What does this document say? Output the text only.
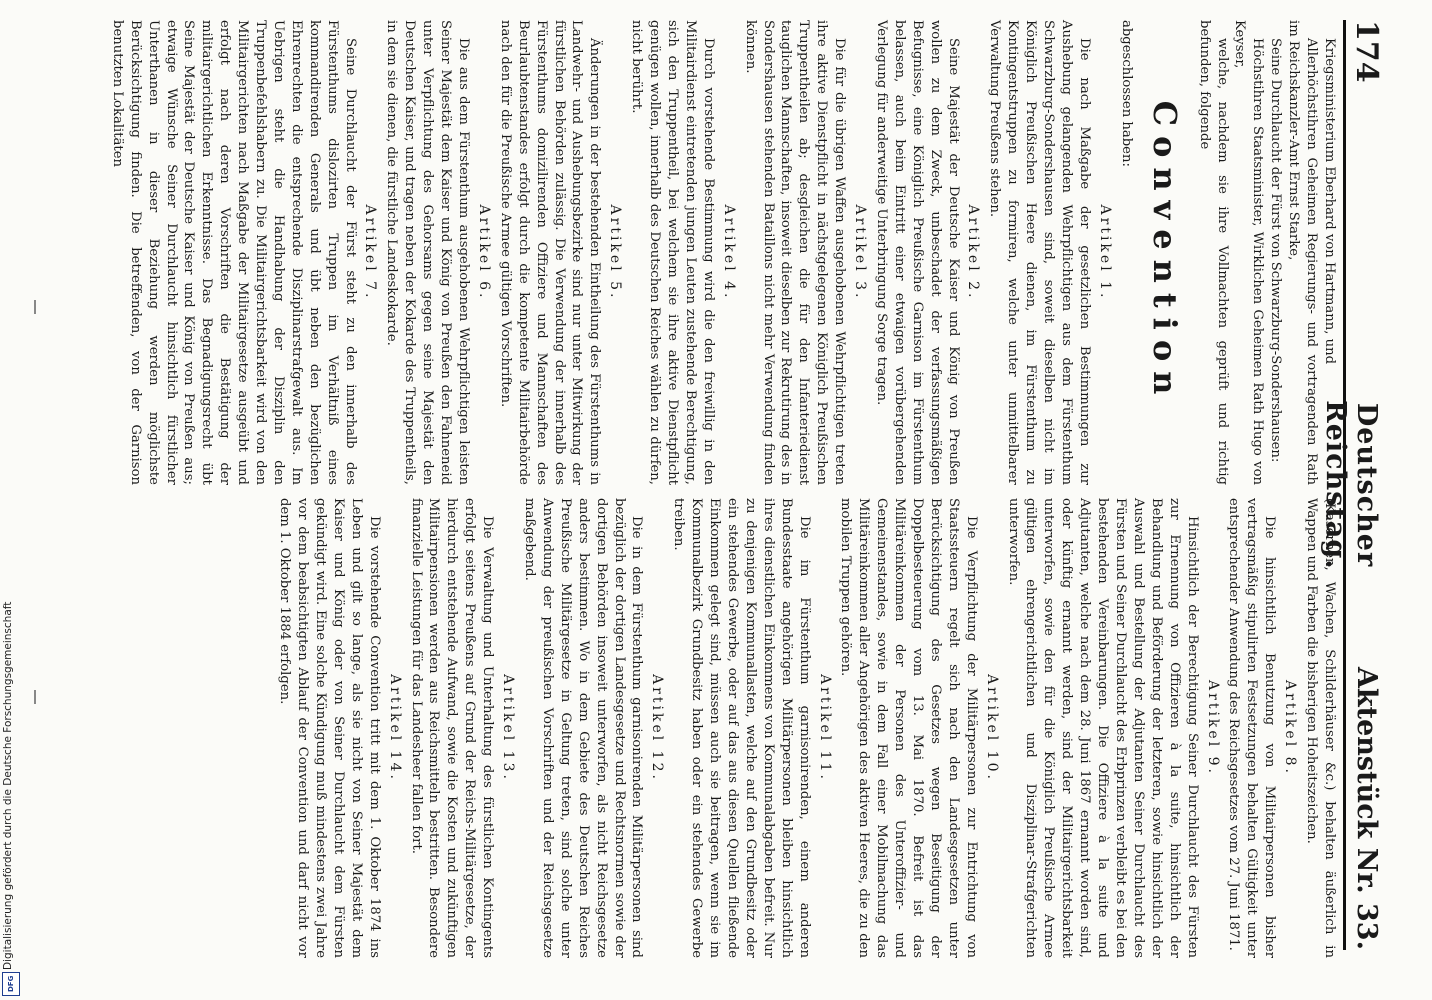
174
Deutscher Reichstag.
Aktenstück Nr. 33.

Kriegsministerium Eberhard von Hartmann, und

Allerhöchstihren Geheimen Regierungs- und vortragenden Rath im Reichskanzler-Amt Ernst Starke,

Seine Durchlaucht der Fürst von Schwarzburg-Sondershausen:

Höchstihren Staatsminister, Wirklichen Geheimen Rath Hugo von Keyser,

welche, nachdem sie ihre Vollmachten geprüft und richtig befunden, folgende

Convention

abgeschlossen haben:

Artikel 1.

Die nach Maßgabe der gesetzlichen Bestimmungen zur Aushebung gelangenden Wehrpflichtigen aus dem Fürstenthum Schwarzburg-Sondershausen sind, soweit dieselben nicht im Königlich Preußischen Heere dienen, im Fürstenthum zu Kontingentstruppen zu formiren, welche unter unmittelbarer Verwaltung Preußens stehen.

Artikel 2.

Seine Majestät der Deutsche Kaiser und König von Preußen wollen zu dem Zweck, unbeschadet der verfassungsmäßigen Befugnisse, eine Königlich Preußische Garnison im Fürstenthum belassen, auch beim Eintritt einer etwaigen vorübergehenden Verlegung für anderweitige Unterbringung Sorge tragen.

Artikel 3.

Die für die übrigen Waffen ausgehobenen Wehrpflichtigen treten ihre aktive Dienstpflicht in nächstgelegenen Königlich Preußischen Truppentheilen ab; desgleichen die für den Infanteriedienst tauglichen Mannschaften, insoweit dieselben zur Rekrutirung des in Sondershausen stehenden Bataillons nicht mehr Verwendung finden können.

Artikel 4.

Durch vorstehende Bestimmung wird die den freiwillig in den Militairdienst eintretenden jungen Leuten zustehende Berechtigung, sich den Truppentheil, bei welchem sie ihre aktive Dienstpflicht genügen wollen, innerhalb des Deutschen Reiches wählen zu dürfen, nicht berührt.

Artikel 5.

Änderungen in der bestehenden Eintheilung des Fürstenthums in Landwehr- und Aushebungsbezirke sind nur unter Mitwirkung der fürstlichen Behörden zulässig. Die Verwendung der innerhalb des Fürstenthums domizilirenden Offiziere und Mannschaften des Beurlaubtenstandes erfolgt durch die kompetente Militairbehörde nach den für die Preußische Armee gültigen Vorschriften.

Artikel 6.

Die aus dem Fürstenthum ausgehobenen Wehrpflichtigen leisten Seiner Majestät dem Kaiser und König von Preußen den Fahneneid unter Verpflichtung des Gehorsams gegen seine Majestät den Deutschen Kaiser, und tragen neben der Kokarde des Truppentheils, in dem sie dienen, die fürstliche Landeskokarde.

Artikel 7.

Seine Durchlaucht der Fürst steht zu den innerhalb des Fürstenthums dislozirten Truppen im Verhältniß eines kommandirenden Generals und übt neben den bezüglichen Ehrenrechten die entsprechende Disziplinarstrafgewalt aus. Im Uebrigen steht die Handhabung der Disziplin den Truppenbefehlshabern zu. Die Militairgerichtsbarkeit wird von den Militairgerichten nach Maßgabe der Militairgesetze ausgeübt und erfolgt nach deren Vorschriften die Bestätigung der militairgerichtlichen Erkenntnisse. Das Begnadigungsrecht übt Seine Majestät der Deutsche Kaiser und König von Preußen aus; etwaige Wünsche Seiner Durchlaucht hinsichtlich fürstlicher Unterthanen in dieser Beziehung werden möglichste Berücksichtigung finden. Die betreffenden, von der Garnison benutzten Lokalitäten

(Kasernen, Wachen, Schilderhäuser &c.) behalten äußerlich in Wappen und Farben die bisherigen Hoheitszeichen.

Artikel 8.

Die hinsichtlich Benutzung von Militairpersonen bisher vertragsmäßig stipulirten Festsetzungen behalten Gültigkeit unter entsprechender Anwendung des Reichsgesetzes vom 27. Juni 1871.

Artikel 9.

Hinsichtlich der Berechtigung Seiner Durchlaucht des Fürsten zur Ernennung von Offizieren à la suite, hinsichtlich der Behandlung und Beförderung der letzteren, sowie hinsichtlich der Auswahl und Bestellung der Adjutanten Seiner Durchlaucht des Fürsten und Seiner Durchlaucht des Erbprinzen verbleibt es bei den bestehenden Vereinbarungen. Die Offiziere à la suite und Adjutanten, welche nach dem 28. Juni 1867 ernannt worden sind, oder künftig ernannt werden, sind der Militairgerichtsbarkeit unterworfen, sowie den für die Königlich Preußische Armee gültigen ehrengerichtlichen und Disziplinar-Strafgerichten unterworfen.

Artikel 10.

Die Verpflichtung der Militärpersonen zur Entrichtung von Staatssteuern regelt sich nach den Landesgesetzen unter Berücksichtigung des Gesetzes wegen Beseitigung der Doppelbesteuerung vom 13. Mai 1870. Befreit ist das Militäreinkommen der Personen des Unteroffizier- und Gemeinenstandes, sowie in dem Fall einer Mobilmachung das Militäreinkommen aller Angehörigen des aktiven Heeres, die zu den mobilen Truppen gehören.

Artikel 11.

Die im Fürstenthum garnisonirenden, einem anderen Bundesstaate angehörigen Militärpersonen bleiben hinsichtlich ihres dienstlichen Einkommens von Kommunalabgaben befreit. Nur zu denjenigen Kommunallasten, welche auf den Grundbesitz oder ein stehendes Gewerbe, oder auf das aus diesen Quellen fließende Einkommen gelegt sind, müssen auch sie beitragen, wenn sie im Kommunalbezirk Grundbesitz haben oder ein stehendes Gewerbe treiben.

Artikel 12.

Die in dem Fürstenthum garnisonirenden Militärpersonen sind bezüglich der dortigen Landesgesetze und Rechtsnormen sowie der dortigen Behörden insoweit unterworfen, als nicht Reichsgesetze anders bestimmen. Wo in dem Gebiete des Deutschen Reiches Preußische Militärgesetze in Geltung treten, sind solche unter Anwendung der preußischen Vorschriften und der Reichsgesetze maßgebend.

Artikel 13.

Die Verwaltung und Unterhaltung des fürstlichen Kontingents erfolgt seitens Preußens auf Grund der Reichs-Militärgesetze, der hierdurch entstehende Aufwand, sowie die Kosten und zukünftigen Militairpensionen werden aus Reichsmitteln bestritten. Besondere finanzielle Leistungen für das Landesheer fallen fort.

Artikel 14.

Die vorstehende Convention tritt mit dem 1. Oktober 1874 ins Leben und gilt so lange, als sie nicht von Seiner Majestät dem Kaiser und König oder von Seiner Durchlaucht dem Fürsten gekündigt wird. Eine solche Kündigung muß mindestens zwei Jahre vor dem beabsichtigten Ablauf der Convention und darf nicht vor dem 1. Oktober 1884 erfolgen.

Digitalisierung gefördert durch die Deutsche Forschungsgemeinschaft
DFG
